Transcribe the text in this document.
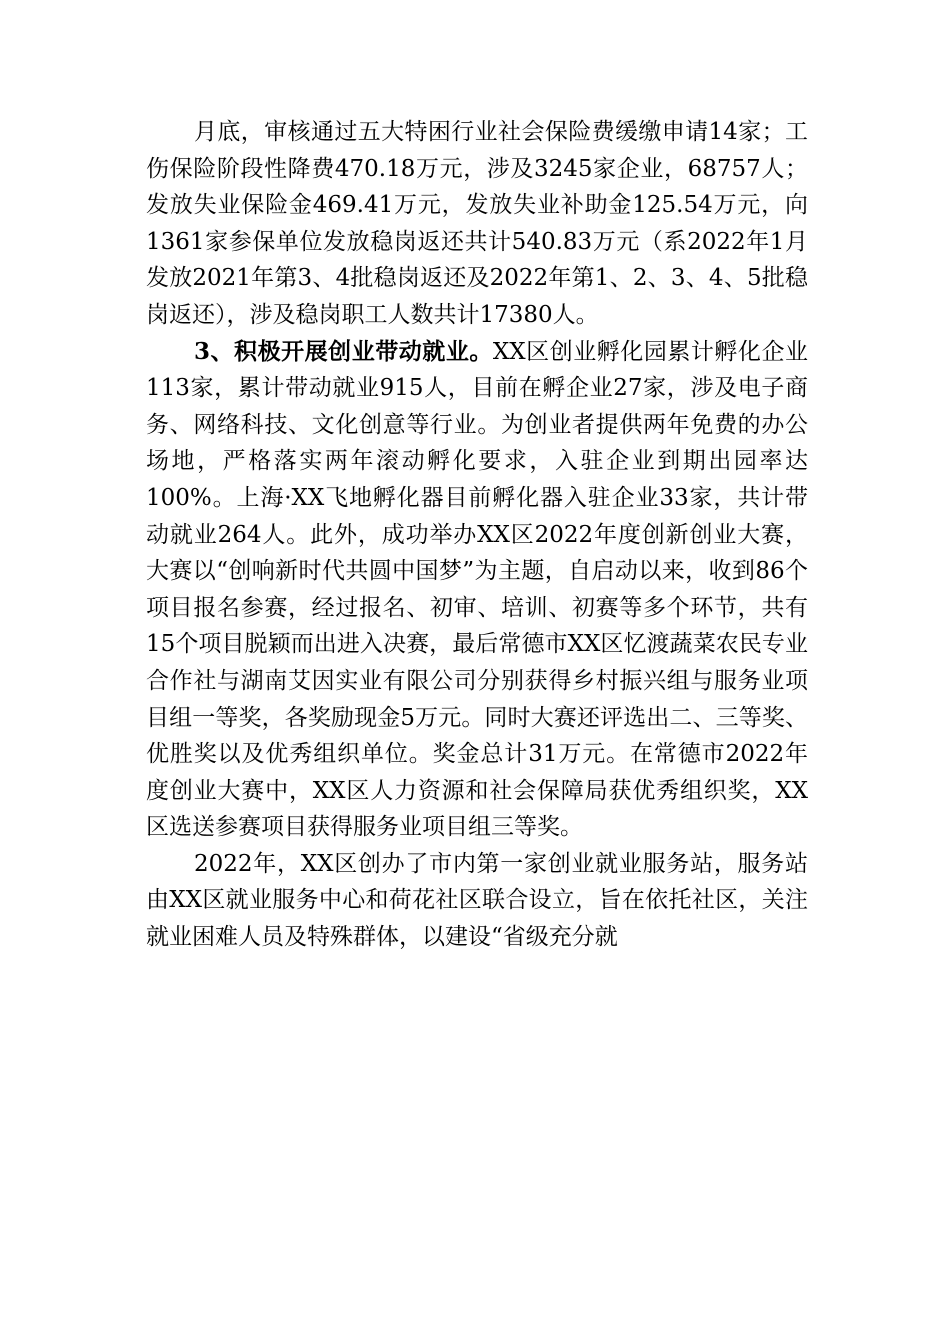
月底，审核通过五大特困行业社会保险费缓缴申请14家；工伤保险阶段性降费470.18万元，涉及3245家企业，68757人；发放失业保险金469.41万元，发放失业补助金125.54万元，向1361家参保单位发放稳岗返还共计540.83万元（系2022年1月发放2021年第3、4批稳岗返还及2022年第1、2、3、4、5批稳岗返还），涉及稳岗职工人数共计17380人。

3、积极开展创业带动就业。XX区创业孵化园累计孵化企业113家，累计带动就业915人，目前在孵企业27家，涉及电子商务、网络科技、文化创意等行业。为创业者提供两年免费的办公场地，严格落实两年滚动孵化要求，入驻企业到期出园率达100%。上海·XX飞地孵化器目前孵化器入驻企业33家，共计带动就业264人。此外，成功举办XX区2022年度创新创业大赛，大赛以“创响新时代共圆中国梦”为主题，自启动以来，收到86个项目报名参赛，经过报名、初审、培训、初赛等多个环节，共有15个项目脱颖而出进入决赛，最后常德市XX区忆渡蔬菜农民专业合作社与湖南艾因实业有限公司分别获得乡村振兴组与服务业项目组一等奖，各奖励现金5万元。同时大赛还评选出二、三等奖、优胜奖以及优秀组织单位。奖金总计31万元。在常德市2022年度创业大赛中，XX区人力资源和社会保障局获优秀组织奖，XX区选送参赛项目获得服务业项目组三等奖。

2022年，XX区创办了市内第一家创业就业服务站，服务站由XX区就业服务中心和荷花社区联合设立，旨在依托社区，关注就业困难人员及特殊群体，以建设“省级充分就
